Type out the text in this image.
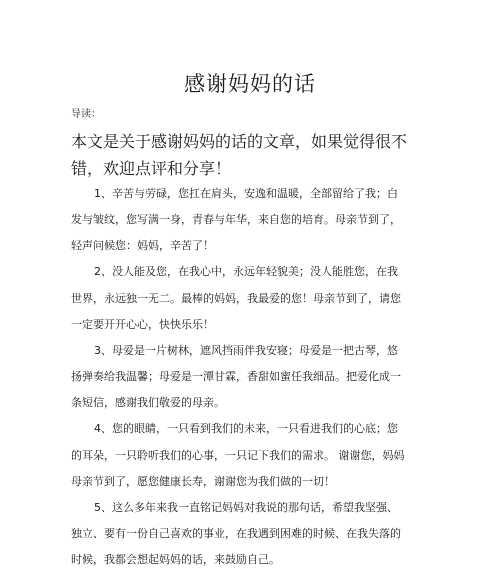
感谢妈妈的话
导读：
本文是关于感谢妈妈的话的文章，如果觉得很不错，欢迎点评和分享！
1、辛苦与劳碌，您扛在肩头，安逸和温暖，全部留给了我；白
发与皱纹，您写满一身，青春与年华，来自您的培育。母亲节到了，
轻声问候您：妈妈，辛苦了！
2、没人能及您，在我心中，永远年轻貌美；没人能胜您，在我
世界，永远独一无二。最棒的妈妈，我最爱的您！母亲节到了，请您
一定要开开心心，快快乐乐！
3、母爱是一片树林，遮风挡雨伴我安寝；母爱是一把古琴，悠
扬弹奏给我温馨；母爱是一潭甘霖，香甜如蜜任我细品。把爱化成一
条短信，感谢我们敬爱的母亲。
4、您的眼睛，一只看到我们的未来，一只看进我们的心底；您
的耳朵，一只聆听我们的心事，一只记下我们的需求。 谢谢您，妈妈
母亲节到了，愿您健康长寿，谢谢您为我们做的一切！
5、这么多年来我一直铭记妈妈对我说的那句话，希望我坚强、
独立、要有一份自己喜欢的事业，在我遇到困难的时候、在我失落的
时候，我都会想起妈妈的话，来鼓励自己。
